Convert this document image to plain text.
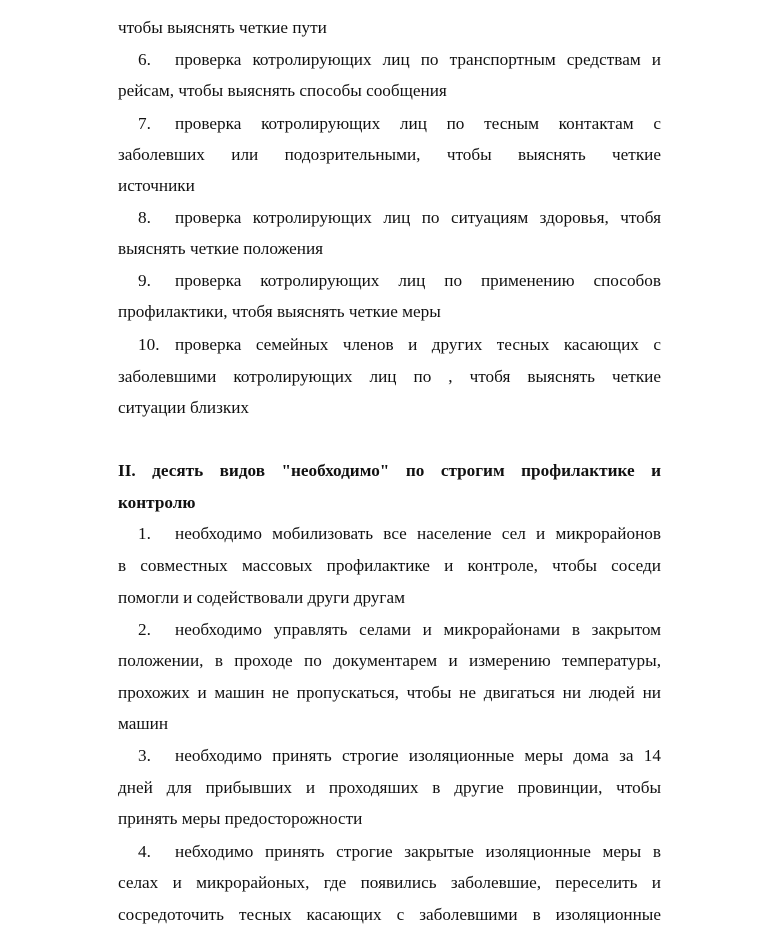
чтобы выяснять четкие пути
6. проверка котролирующих лиц по транспортным средствам и
рейсам, чтобы выяснять способы сообщения
7. проверка котролирующих лиц по тесным контактам с
заболевших или подозрительными, чтобы выяснять четкие
источники
8. проверка котролирующих лиц по ситуациям здоровья, чтобя
выяснять четкие положения
9. проверка котролирующих лиц по применению способов
профилактики, чтобя выяснять четкие меры
10. проверка семейных членов и других тесных касающих с
заболевшими котролирующих лиц по , чтобя выяснять четкие
ситуации близких
II. десять видов "необходимо" по строгим профилактике и
контролю
1. необходимо мобилизовать все население сел и микрорайонов
в совместных массовых профилактике и контроле, чтобы соседи
помогли и содействовали други другам
2. необходимо управлять селами и микрорайонами в закрытом
положении, в проходе по документарем и измерению температуры,
прохожих и машин не пропускаться, чтобы не двигаться ни людей ни
машин
3. необходимо принять строгие изоляционные меры дома за 14
дней для прибывших и проходяших в другие провинции, чтобы
принять меры предосторожности
4. небходимо принять строгие закрытые изоляционные меры в
селах и микрорайоных, где появились заболевшие, переселить и
сосредоточить тесных касающих с заболевшими в изоляционные
